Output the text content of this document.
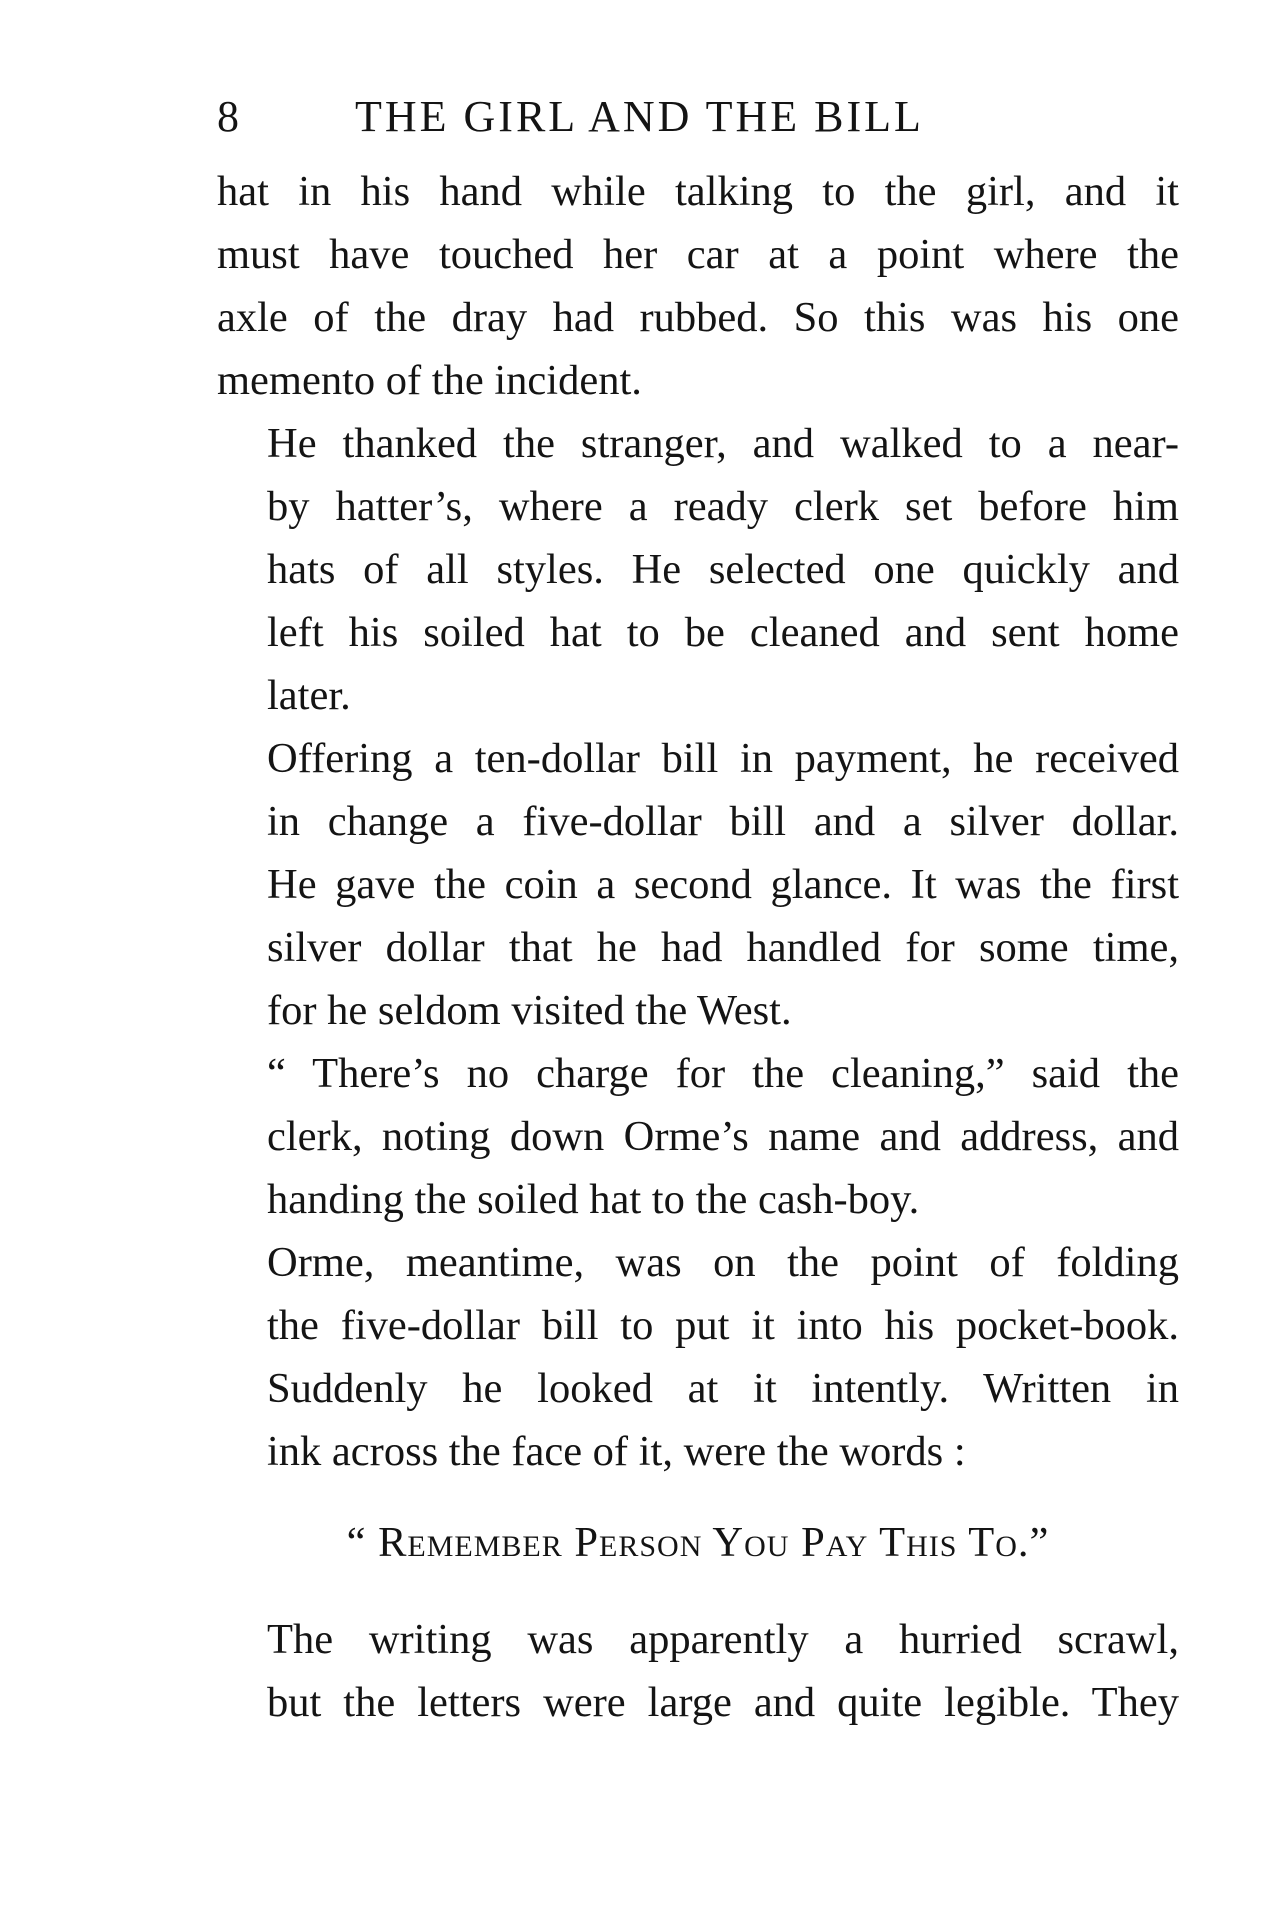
8	THE GIRL AND THE BILL

hat in his hand while talking to the girl, and it
must have touched her car at a point where the
axle of the dray had rubbed. So this was his one
memento of the incident.

He thanked the stranger, and walked to a near-
by hatter’s, where a ready clerk set before him
hats of all styles. He selected one quickly and
left his soiled hat to be cleaned and sent home
later.

Offering a ten-dollar bill in payment, he received
in change a five-dollar bill and a silver dollar.
He gave the coin a second glance. It was the first
silver dollar that he had handled for some time,
for he seldom visited the West.

“ There’s no charge for the cleaning,” said the
clerk, noting down Orme’s name and address, and
handing the soiled hat to the cash-boy.

Orme, meantime, was on the point of folding
the five-dollar bill to put it into his pocket-book.
Suddenly he looked at it intently. Written in
ink across the face of it, were the words :

“ Remember Person You Pay This To.”

The writing was apparently a hurried scrawl,
but the letters were large and quite legible. They
